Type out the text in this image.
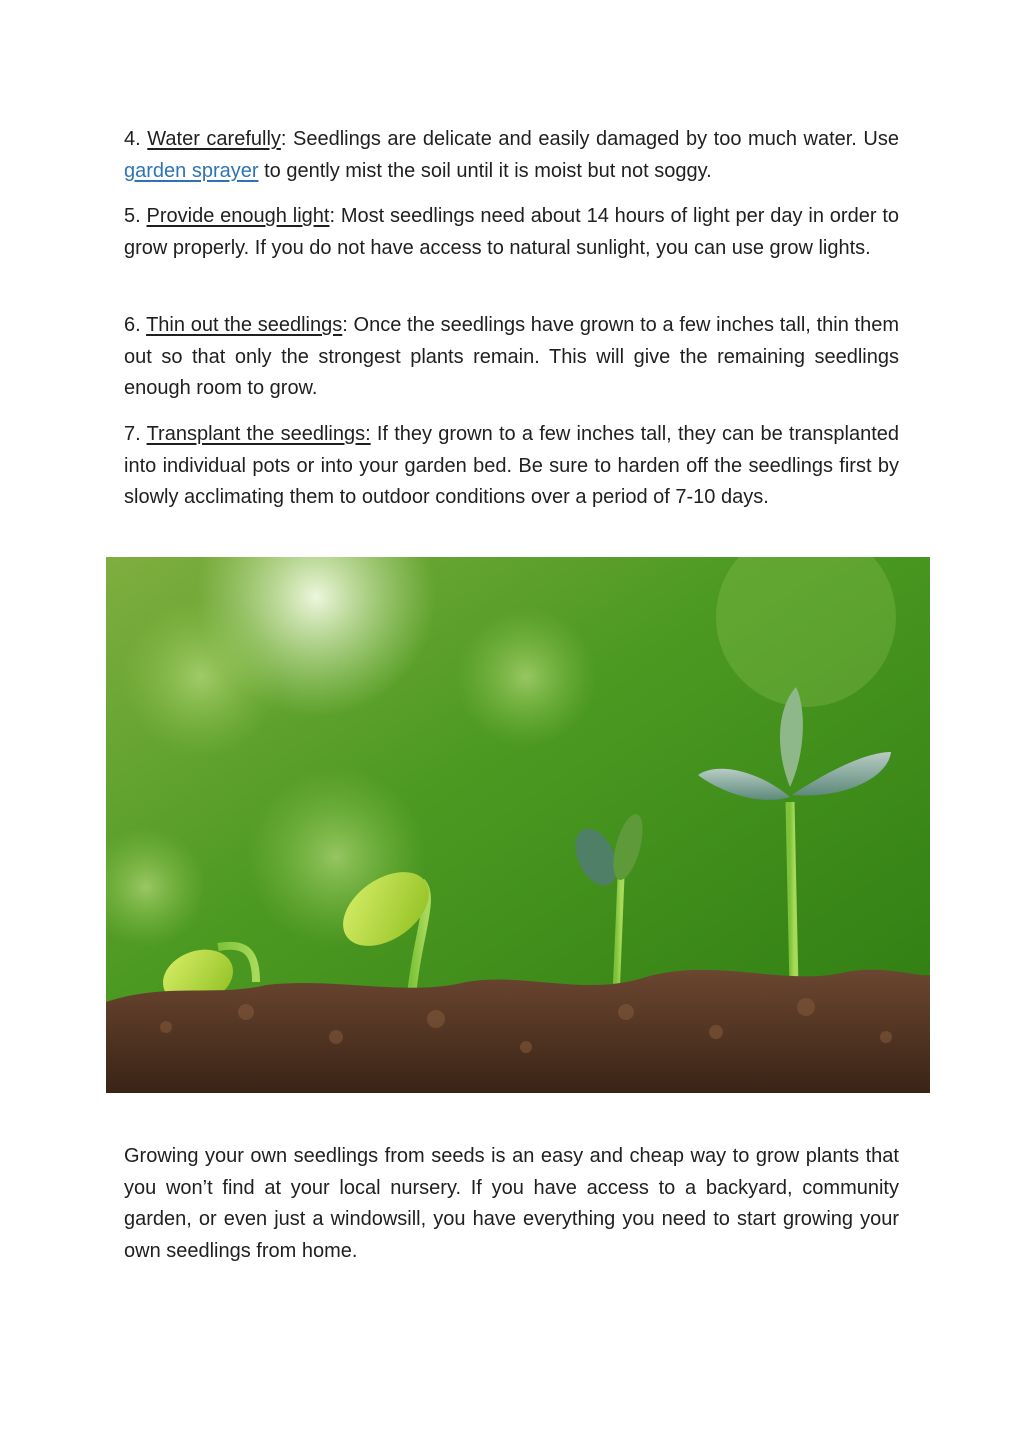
4. Water carefully: Seedlings are delicate and easily damaged by too much water. Use garden sprayer to gently mist the soil until it is moist but not soggy.

5. Provide enough light: Most seedlings need about 14 hours of light per day in order to grow properly. If you do not have access to natural sunlight, you can use grow lights.

6. Thin out the seedlings: Once the seedlings have grown to a few inches tall, thin them out so that only the strongest plants remain. This will give the remaining seedlings enough room to grow.

7. Transplant the seedlings: If they grown to a few inches tall, they can be transplanted into individual pots or into your garden bed. Be sure to harden off the seedlings first by slowly acclimating them to outdoor conditions over a period of 7-10 days.

Growing your own seedlings from seeds is an easy and cheap way to grow plants that you won’t find at your local nursery. If you have access to a backyard, community garden, or even just a windowsill, you have everything you need to start growing your own seedlings from home.
